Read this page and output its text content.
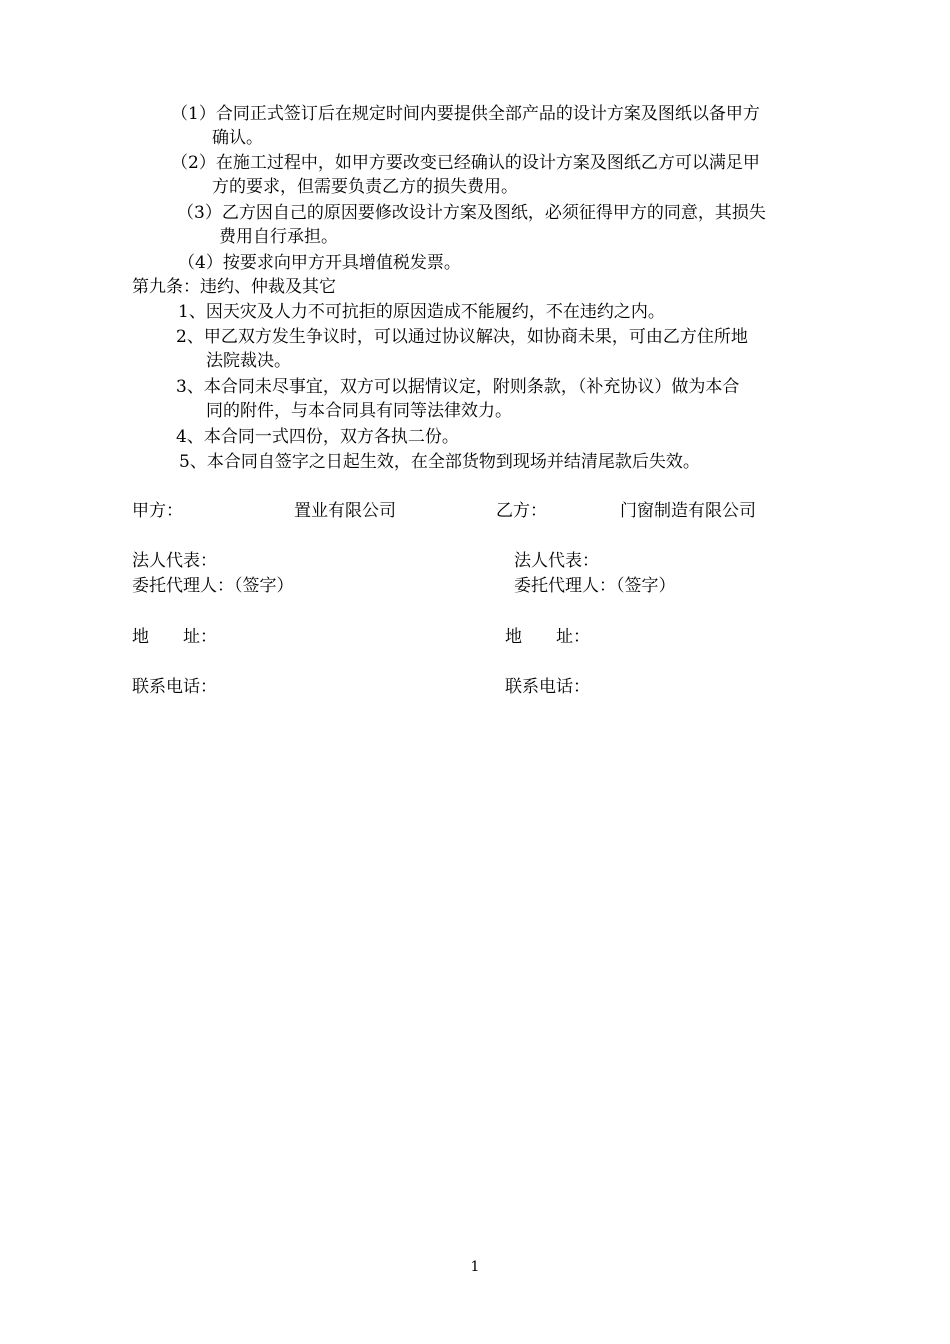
（1）合同正式签订后在规定时间内要提供全部产品的设计方案及图纸以备甲方
确认。
（2）在施工过程中，如甲方要改变已经确认的设计方案及图纸乙方可以满足甲
方的要求，但需要负责乙方的损失费用。
（3）乙方因自己的原因要修改设计方案及图纸，必须征得甲方的同意，其损失
费用自行承担。
（4）按要求向甲方开具增值税发票。
第九条：违约、仲裁及其它
1、因天灾及人力不可抗拒的原因造成不能履约，不在违约之内。
2、甲乙双方发生争议时，可以通过协议解决，如协商未果，可由乙方住所地
法院裁决。
3、本合同未尽事宜，双方可以据情议定，附则条款，（补充协议）做为本合
同的附件，与本合同具有同等法律效力。
4、本合同一式四份，双方各执二份。
5、本合同自签字之日起生效，在全部货物到现场并结清尾款后失效。
甲方：	置业有限公司
法人代表：
委托代理人：（签字）
地　　址：
联系电话：
乙方：	门窗制造有限公司
法人代表：
委托代理人：（签字）
地　　址：
联系电话：
1
